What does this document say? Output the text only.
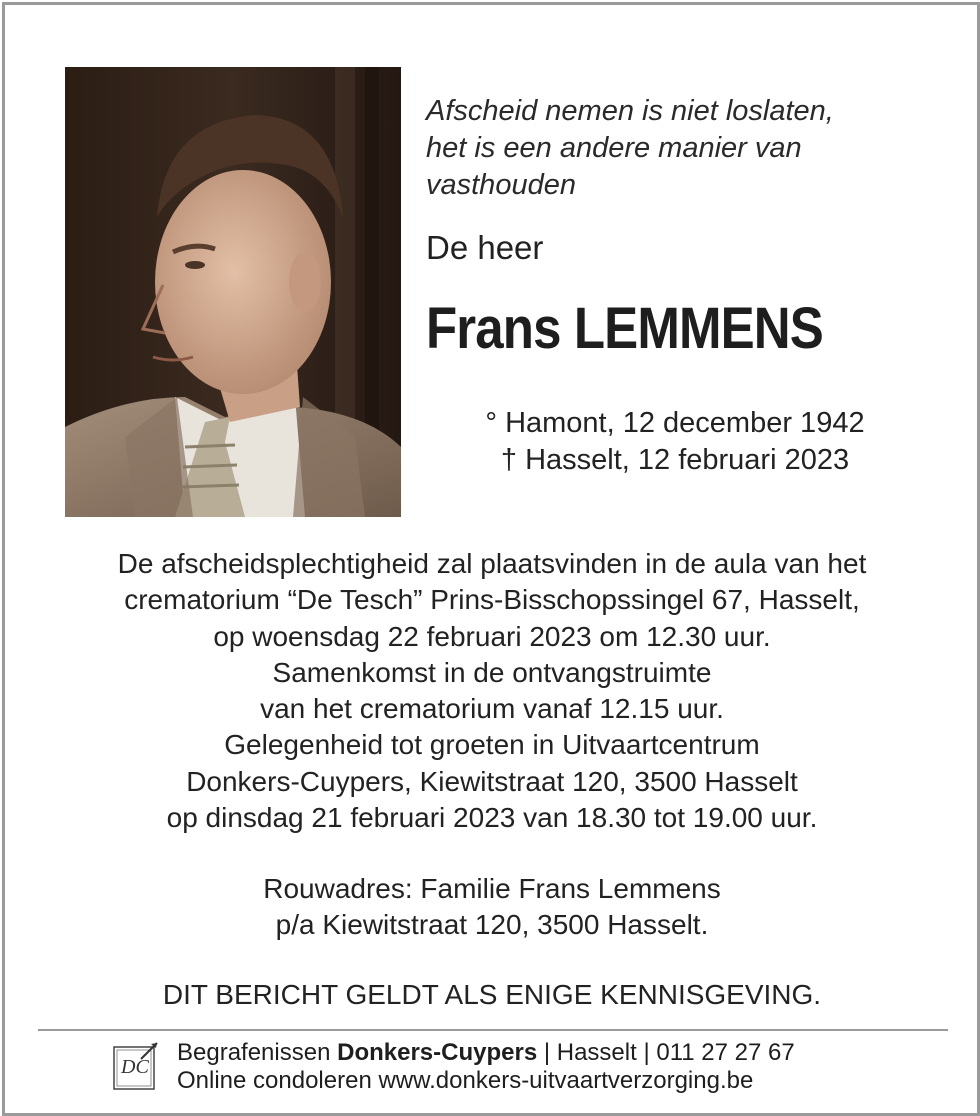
Afscheid nemen is niet loslaten,
het is een andere manier van
vasthouden
De heer
Frans LEMMENS
° Hamont, 12 december 1942
† Hasselt, 12 februari 2023
De afscheidsplechtigheid zal plaatsvinden in de aula van het
crematorium “De Tesch” Prins-Bisschopssingel 67, Hasselt,
op woensdag 22 februari 2023 om 12.30 uur.
Samenkomst in de ontvangstruimte
van het crematorium vanaf 12.15 uur.
Gelegenheid tot groeten in Uitvaartcentrum
Donkers-Cuypers, Kiewitstraat 120, 3500 Hasselt
op dinsdag 21 februari 2023 van 18.30 tot 19.00 uur.
Rouwadres: Familie Frans Lemmens
p/a Kiewitstraat 120, 3500 Hasselt.
DIT BERICHT GELDT ALS ENIGE KENNISGEVING.
DC
Begrafenissen Donkers-Cuypers | Hasselt | 011 27 27 67
Online condoleren www.donkers-uitvaartverzorging.be
